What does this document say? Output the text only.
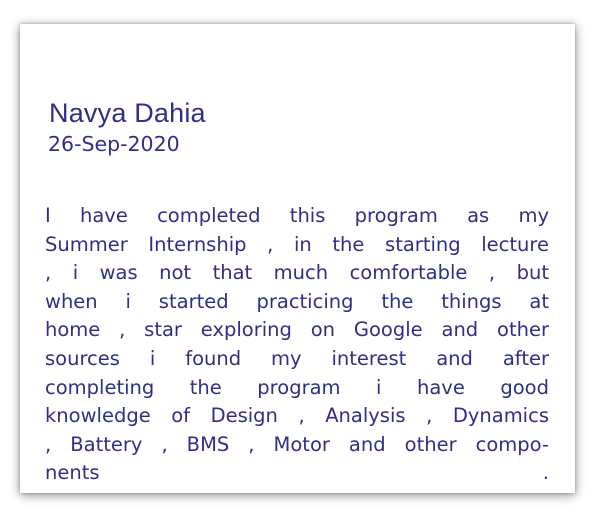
Navya Dahia
26-Sep-2020
I have completed this program as my
Summer Internship , in the starting lecture
, i was not that much comfortable , but
when i started practicing the things at
home , star exploring on Google and other
sources i found my interest and after
completing the program i have good
knowledge of Design , Analysis , Dynamics
, Battery , BMS , Motor and other compo-
nents .
